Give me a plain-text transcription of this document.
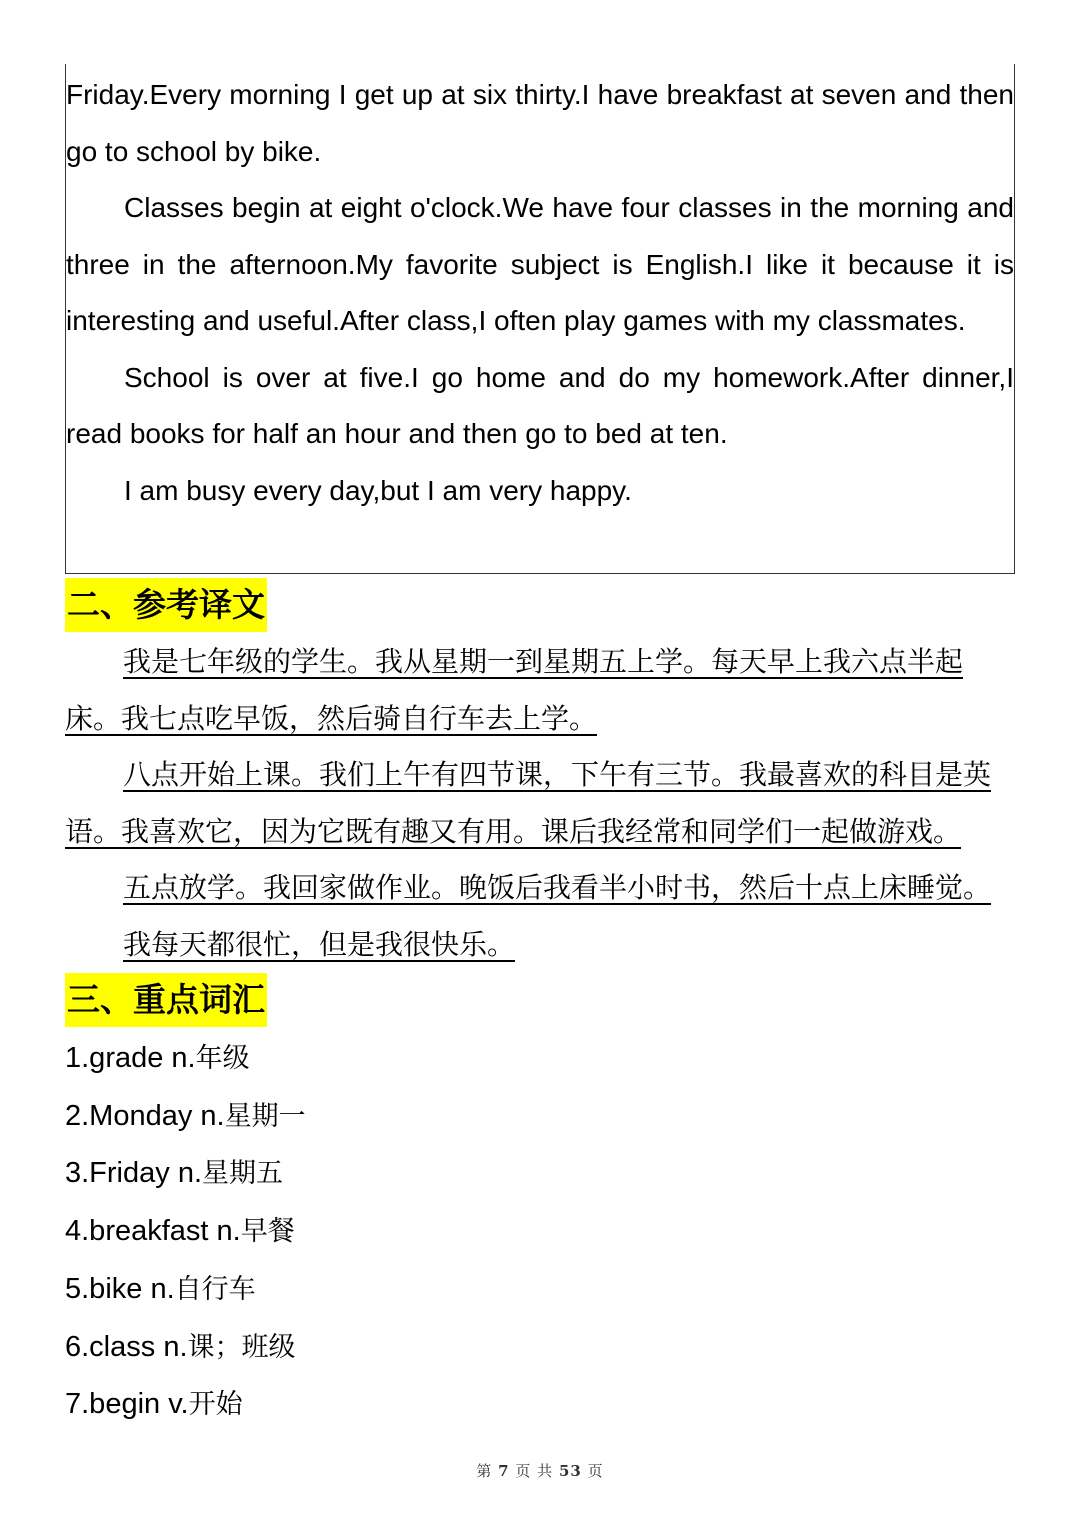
Friday.Every morning I get up at six thirty.I have breakfast at seven and then go to school by bike.

Classes begin at eight o'clock.We have four classes in the morning and three in the afternoon.My favorite subject is English.I like it because it is interesting and useful.After class,I often play games with my classmates.

School is over at five.I go home and do my homework.After dinner,I read books for half an hour and then go to bed at ten.

I am busy every day,but I am very happy.

二、参考译文

我是七年级的学生。我从星期一到星期五上学。每天早上我六点半起床。我七点吃早饭，然后骑自行车去上学。

八点开始上课。我们上午有四节课，下午有三节。我最喜欢的科目是英语。我喜欢它，因为它既有趣又有用。课后我经常和同学们一起做游戏。

五点放学。我回家做作业。晚饭后我看半小时书，然后十点上床睡觉。

我每天都很忙，但是我很快乐。

三、重点词汇
1.grade n.年级
2.Monday n.星期一
3.Friday n.星期五
4.breakfast n.早餐
5.bike n.自行车
6.class n.课；班级
7.begin v.开始
第 7 页 共 53 页
